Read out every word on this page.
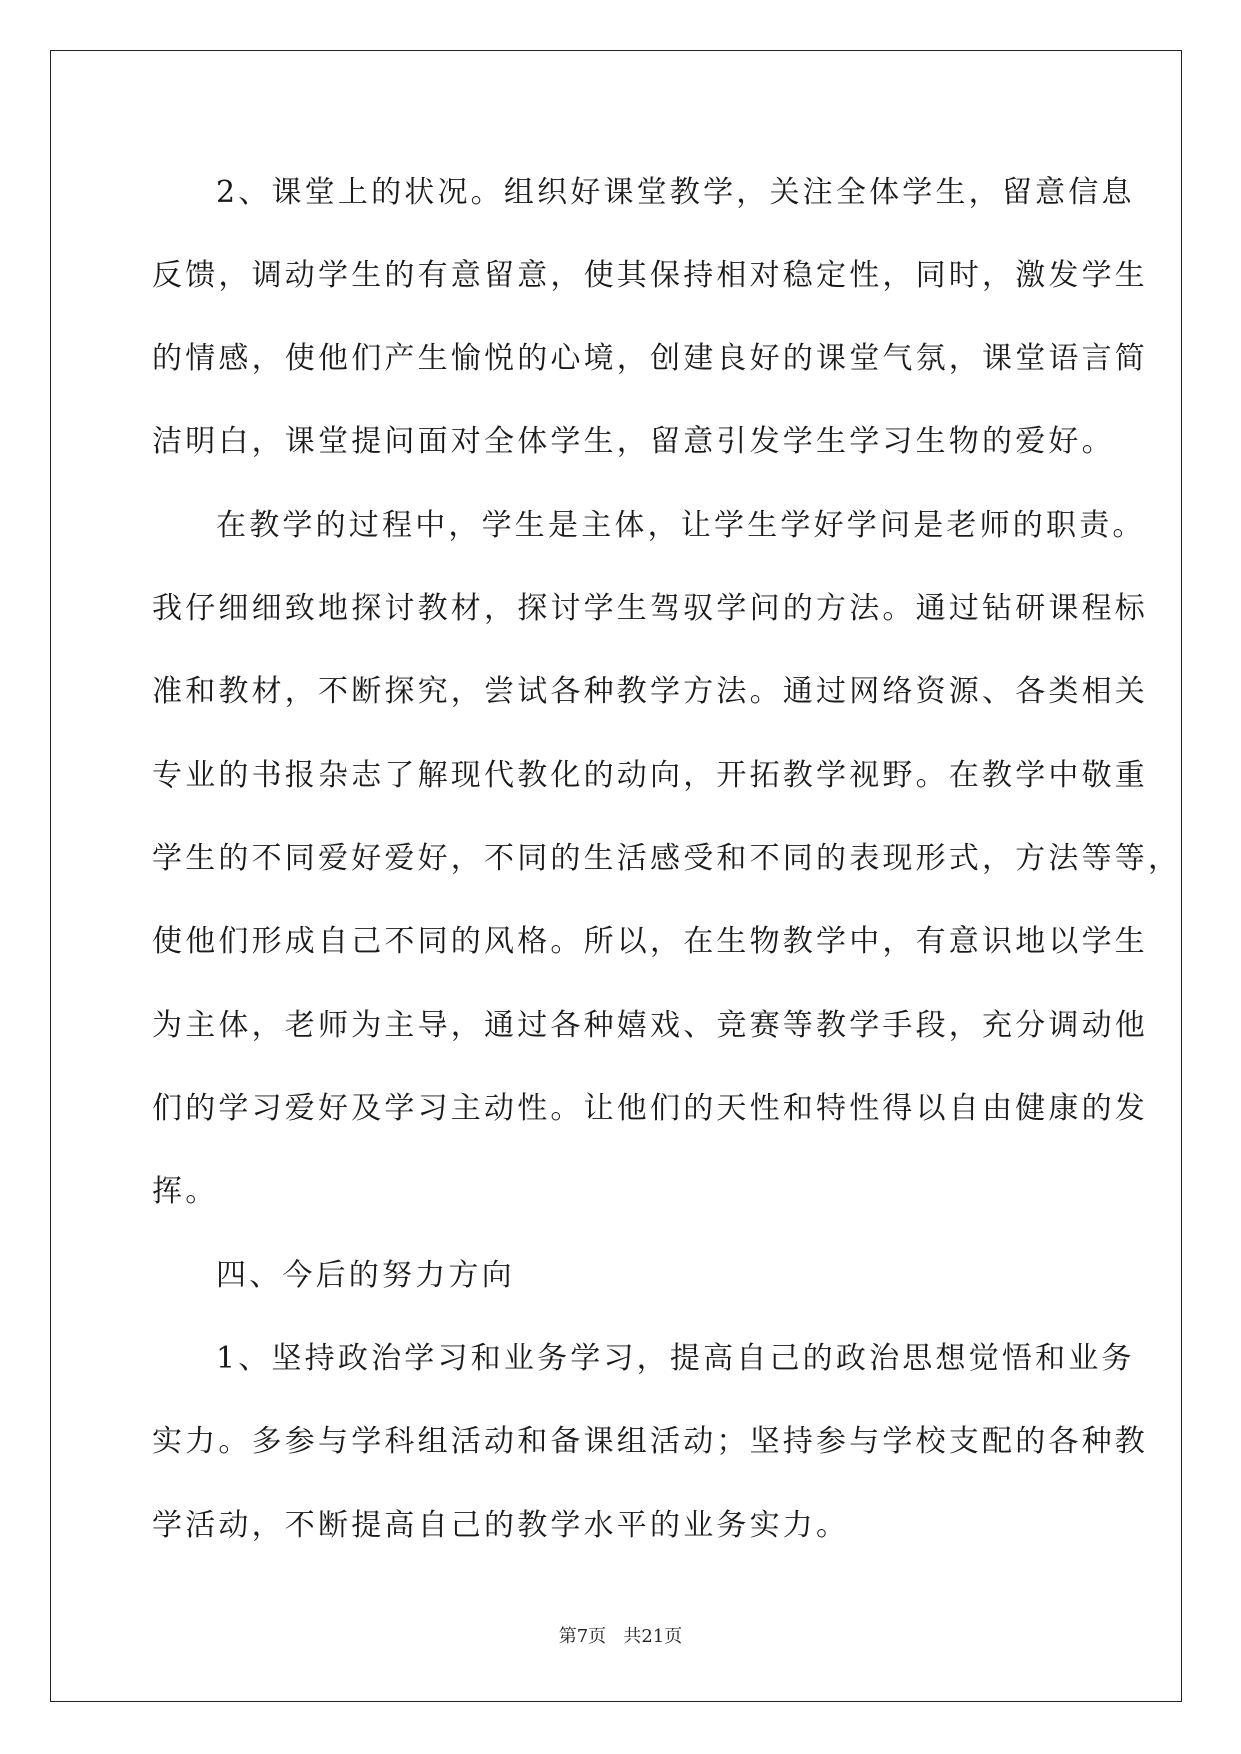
2、课堂上的状况。组织好课堂教学，关注全体学生，留意信息
反馈，调动学生的有意留意，使其保持相对稳定性，同时，激发学生
的情感，使他们产生愉悦的心境，创建良好的课堂气氛，课堂语言简
洁明白，课堂提问面对全体学生，留意引发学生学习生物的爱好。
在教学的过程中，学生是主体，让学生学好学问是老师的职责。
我仔细细致地探讨教材，探讨学生驾驭学问的方法。通过钻研课程标
准和教材，不断探究，尝试各种教学方法。通过网络资源、各类相关
专业的书报杂志了解现代教化的动向，开拓教学视野。在教学中敬重
学生的不同爱好爱好，不同的生活感受和不同的表现形式，方法等等，
使他们形成自己不同的风格。所以，在生物教学中，有意识地以学生
为主体，老师为主导，通过各种嬉戏、竞赛等教学手段，充分调动他
们的学习爱好及学习主动性。让他们的天性和特性得以自由健康的发
挥。
四、今后的努力方向
1、坚持政治学习和业务学习，提高自己的政治思想觉悟和业务
实力。多参与学科组活动和备课组活动；坚持参与学校支配的各种教
学活动，不断提高自己的教学水平的业务实力。
第7页   共21页
